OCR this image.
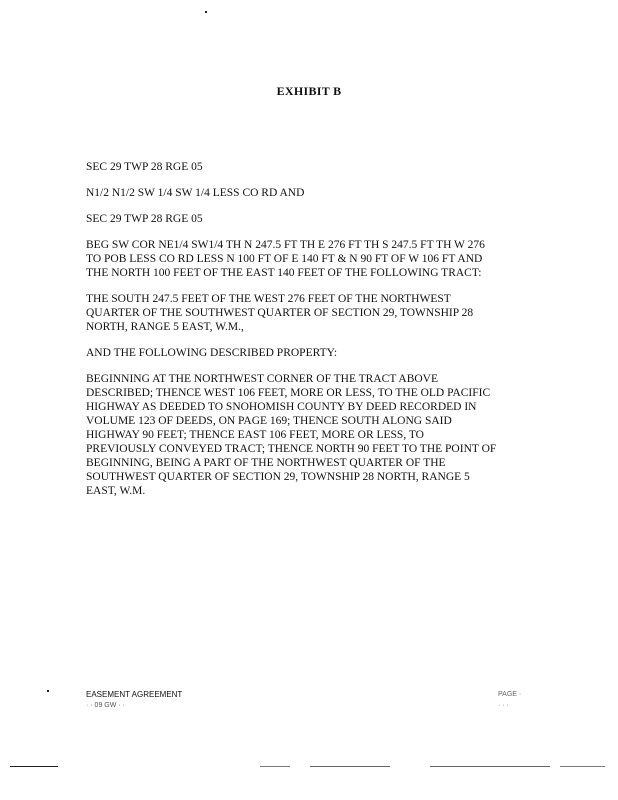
EXHIBIT B

SEC 29 TWP 28 RGE 05

N1/2 N1/2 SW 1/4 SW 1/4 LESS CO RD AND

SEC 29 TWP 28 RGE 05

BEG SW COR NE1/4 SW1/4 TH N 247.5 FT TH E 276 FT TH S 247.5 FT TH W 276
TO POB LESS CO RD LESS N 100 FT OF E 140 FT & N 90 FT OF W 106 FT AND
THE NORTH 100 FEET OF THE EAST 140 FEET OF THE FOLLOWING TRACT:

THE SOUTH 247.5 FEET OF THE WEST 276 FEET OF THE NORTHWEST
QUARTER OF THE SOUTHWEST QUARTER OF SECTION 29, TOWNSHIP 28
NORTH, RANGE 5 EAST, W.M.,

AND THE FOLLOWING DESCRIBED PROPERTY:

BEGINNING AT THE NORTHWEST CORNER OF THE TRACT ABOVE
DESCRIBED; THENCE WEST 106 FEET, MORE OR LESS, TO THE OLD PACIFIC
HIGHWAY AS DEEDED TO SNOHOMISH COUNTY BY DEED RECORDED IN
VOLUME 123 OF DEEDS, ON PAGE 169; THENCE SOUTH ALONG SAID
HIGHWAY 90 FEET; THENCE EAST 106 FEET, MORE OR LESS, TO
PREVIOUSLY CONVEYED TRACT; THENCE NORTH 90 FEET TO THE POINT OF
BEGINNING, BEING A PART OF THE NORTHWEST QUARTER OF THE
SOUTHWEST QUARTER OF SECTION 29, TOWNSHIP 28 NORTH, RANGE 5
EAST, W.M.

EASEMENT AGREEMENT
· · 09 GW · ·
PAGE ·
· · ·
